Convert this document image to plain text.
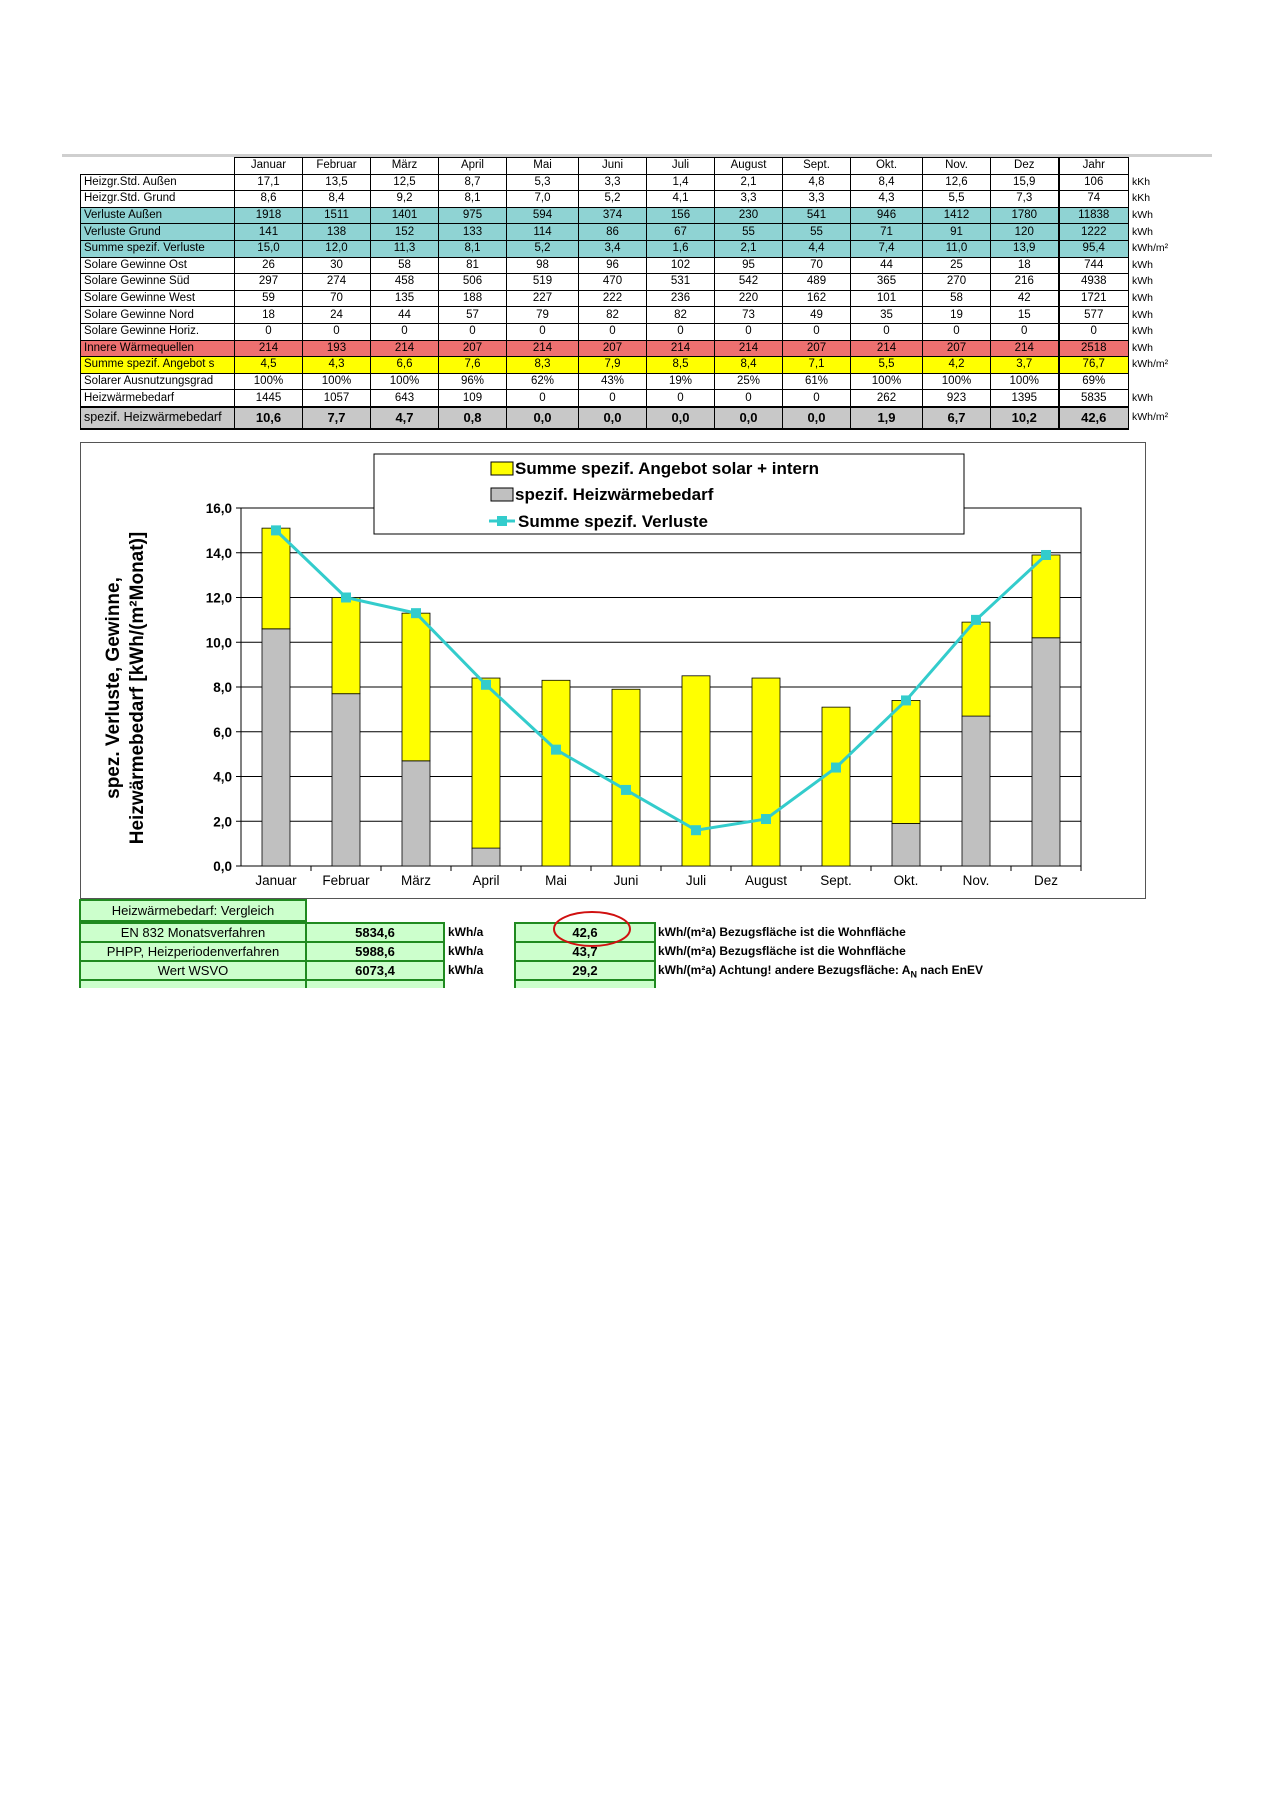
	Januar	Februar	März	April	Mai	Juni	Juli	August	Sept.	Okt.	Nov.	Dez	Jahr	
Heizgr.Std. Außen	17,1	13,5	12,5	8,7	5,3	3,3	1,4	2,1	4,8	8,4	12,6	15,9	106	kKh
Heizgr.Std. Grund	8,6	8,4	9,2	8,1	7,0	5,2	4,1	3,3	3,3	4,3	5,5	7,3	74	kKh
Verluste Außen	1918	1511	1401	975	594	374	156	230	541	946	1412	1780	11838	kWh
Verluste Grund	141	138	152	133	114	86	67	55	55	71	91	120	1222	kWh
Summe spezif. Verluste	15,0	12,0	11,3	8,1	5,2	3,4	1,6	2,1	4,4	7,4	11,0	13,9	95,4	kWh/m²
Solare Gewinne Ost	26	30	58	81	98	96	102	95	70	44	25	18	744	kWh
Solare Gewinne Süd	297	274	458	506	519	470	531	542	489	365	270	216	4938	kWh
Solare Gewinne West	59	70	135	188	227	222	236	220	162	101	58	42	1721	kWh
Solare Gewinne Nord	18	24	44	57	79	82	82	73	49	35	19	15	577	kWh
Solare Gewinne Horiz.	0	0	0	0	0	0	0	0	0	0	0	0	0	kWh
Innere Wärmequellen	214	193	214	207	214	207	214	214	207	214	207	214	2518	kWh
Summe spezif. Angebot s	4,5	4,3	6,6	7,6	8,3	7,9	8,5	8,4	7,1	5,5	4,2	3,7	76,7	kWh/m²
Solarer Ausnutzungsgrad	100%	100%	100%	96%	62%	43%	19%	25%	61%	100%	100%	100%	69%	
Heizwärmebedarf	1445	1057	643	109	0	0	0	0	0	262	923	1395	5835	kWh
spezif. Heizwärmebedarf	10,6	7,7	4,7	0,8	0,0	0,0	0,0	0,0	0,0	1,9	6,7	10,2	42,6	kWh/m²
0,0
2,0
4,0
6,0
8,0
10,0
12,0
14,0
16,0
Januar Februar März	April	Mai	Juni	Juli	August Sept.	Okt.	Nov.	Dez
spez. Verluste, Gewinne, Heizwärmebedarf [kWh/(m²Monat)]
Summe spezif. Angebot solar + intern
spezif. Heizwärmebedarf
Summe spezif. Verluste
Heizwärmebedarf: Vergleich
EN 832 Monatsverfahren	5834,6	kWh/a	42,6	kWh/(m²a) Bezugsfläche ist die Wohnfläche
PHPP, Heizperiodenverfahren	5988,6	kWh/a	43,7	kWh/(m²a) Bezugsfläche ist die Wohnfläche
Wert WSVO	6073,4	kWh/a	29,2	kWh/(m²a) Achtung! andere Bezugsfläche: $A_N$ nach EnEV
